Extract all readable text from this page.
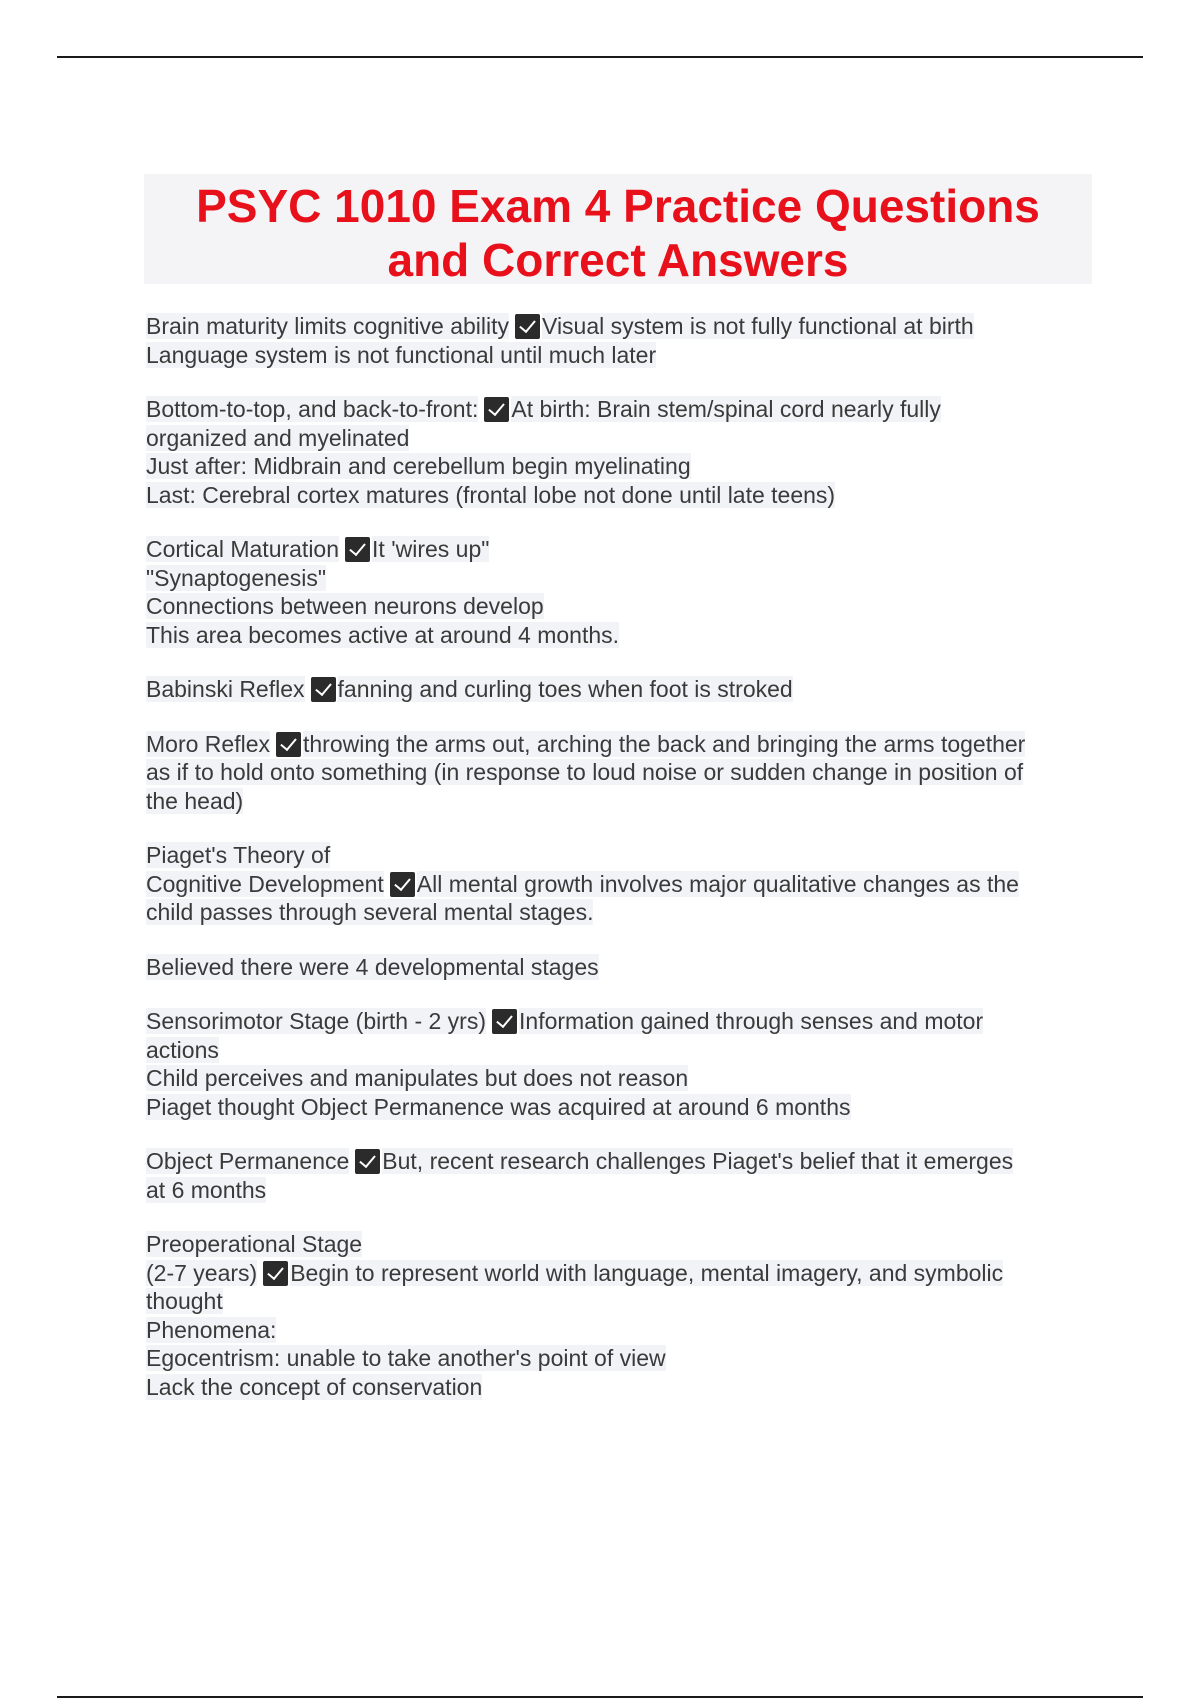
PSYC 1010 Exam 4 Practice Questions
and Correct Answers

Brain maturity limits cognitive ability Visual system is not fully functional at birth
Language system is not functional until much later
Bottom-to-top, and back-to-front: At birth: Brain stem/spinal cord nearly fully
organized and myelinated
Just after: Midbrain and cerebellum begin myelinating
Last: Cerebral cortex matures (frontal lobe not done until late teens)
Cortical Maturation It 'wires up"
"Synaptogenesis"
Connections between neurons develop
This area becomes active at around 4 months.
Babinski Reflex fanning and curling toes when foot is stroked
Moro Reflex throwing the arms out, arching the back and bringing the arms together
as if to hold onto something (in response to loud noise or sudden change in position of
the head)
Piaget's Theory of
Cognitive Development All mental growth involves major qualitative changes as the
child passes through several mental stages.
Believed there were 4 developmental stages
Sensorimotor Stage (birth - 2 yrs) Information gained through senses and motor
actions
Child perceives and manipulates but does not reason
Piaget thought Object Permanence was acquired at around 6 months
Object Permanence But, recent research challenges Piaget's belief that it emerges
at 6 months
Preoperational Stage
(2-7 years) Begin to represent world with language, mental imagery, and symbolic
thought
Phenomena:
Egocentrism: unable to take another's point of view
Lack the concept of conservation
